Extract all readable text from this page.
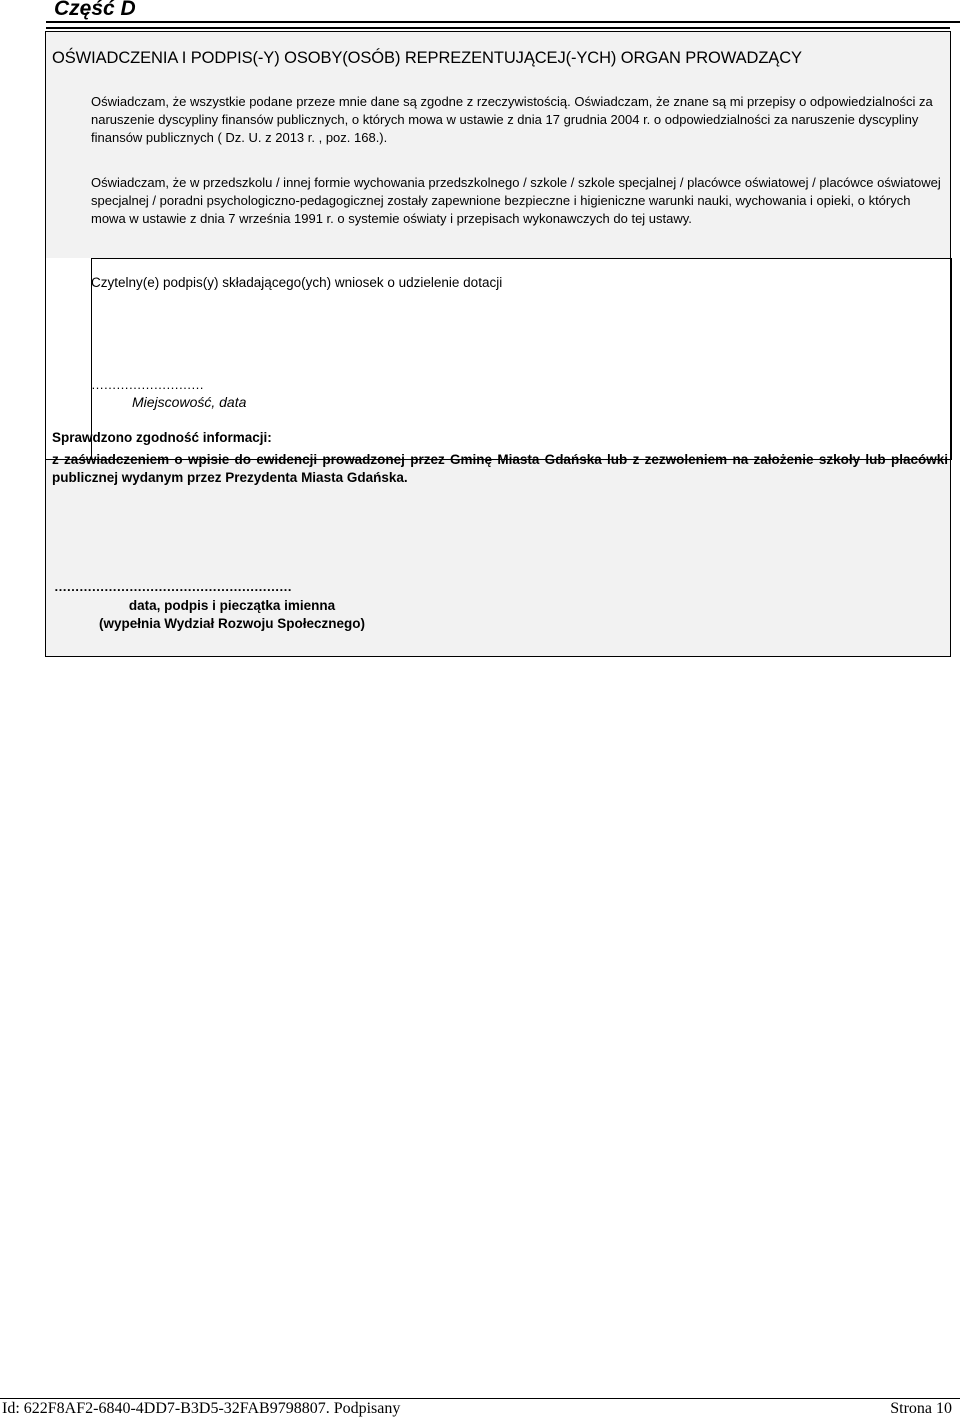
Część D
OŚWIADCZENIA I PODPIS(-Y) OSOBY(OSÓB) REPREZENTUJĄCEJ(-YCH) ORGAN PROWADZĄCY
Oświadczam, że wszystkie podane przeze mnie dane są zgodne z rzeczywistością. Oświadczam, że znane są mi przepisy o odpowiedzialności za naruszenie dyscypliny finansów publicznych, o których mowa w ustawie z dnia 17 grudnia 2004 r. o odpowiedzialności za naruszenie dyscypliny finansów publicznych ( Dz. U. z 2013 r. , poz. 168.).
Oświadczam, że w przedszkolu / innej formie wychowania przedszkolnego / szkole / szkole specjalnej / placówce oświatowej / placówce oświatowej specjalnej / poradni psychologiczno-pedagogicznej zostały zapewnione bezpieczne i higieniczne warunki nauki, wychowania i opieki, o których mowa w ustawie z dnia 7 września 1991 r. o systemie oświaty i przepisach wykonawczych do tej ustawy.
Czytelny(e) podpis(y) składającego(ych) wniosek o udzielenie dotacji
………………………
Miejscowość, data
Sprawdzono zgodność informacji:
z zaświadczeniem o wpisie do ewidencji prowadzonej przez Gminę Miasta Gdańska lub z zezwoleniem na założenie szkoły lub placówki publicznej wydanym przez Prezydenta Miasta Gdańska.
…………………………………………………
data, podpis i pieczątka imienna
(wypełnia Wydział Rozwoju Społecznego)
Id: 622F8AF2-6840-4DD7-B3D5-32FAB9798807. Podpisany	Strona 10
